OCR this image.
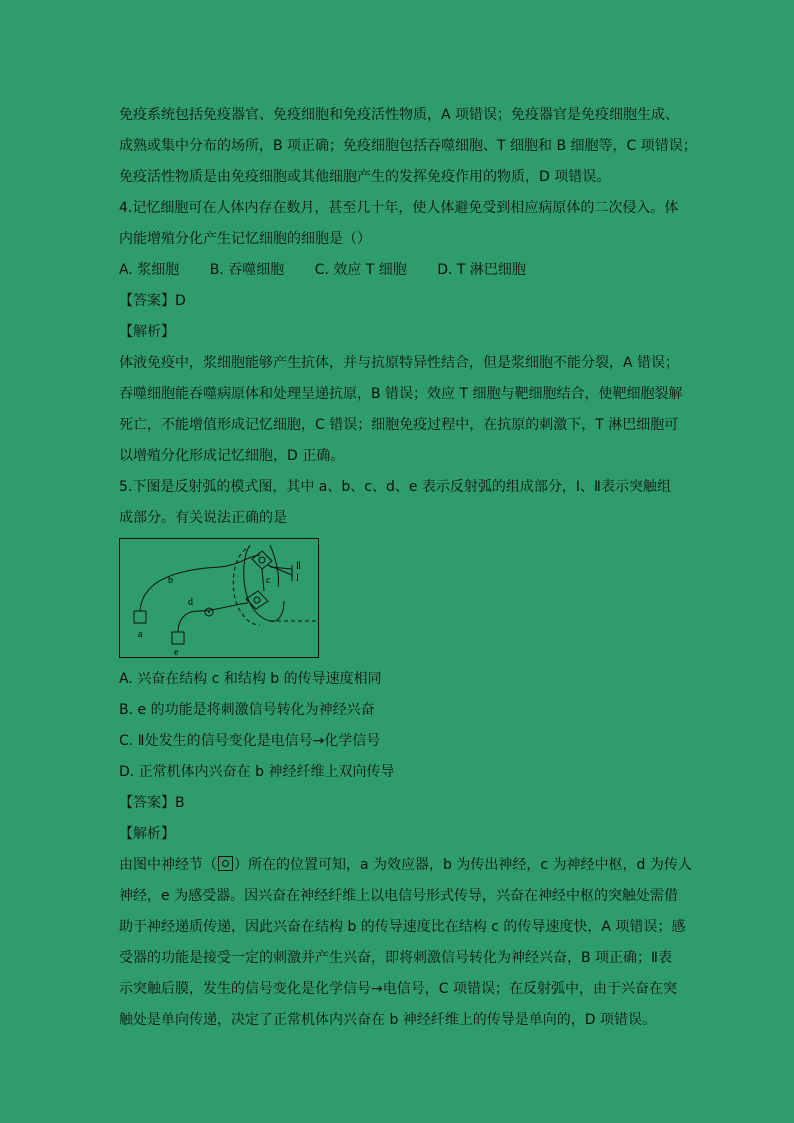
免疫系统包括免疫器官、免疫细胞和免疫活性物质，A 项错误；免疫器官是免疫细胞生成、
成熟或集中分布的场所，B 项正确；免疫细胞包括吞噬细胞、T 细胞和 B 细胞等，C 项错误；
免疫活性物质是由免疫细胞或其他细胞产生的发挥免疫作用的物质，D 项错误。
4.记忆细胞可在人体内存在数月，甚至几十年，使人体避免受到相应病原体的二次侵入。体
内能增殖分化产生记忆细胞的细胞是（）
A. 浆细胞 B. 吞噬细胞 C. 效应 T 细胞 D. T 淋巴细胞
【答案】D
【解析】
体液免疫中，浆细胞能够产生抗体，并与抗原特异性结合，但是浆细胞不能分裂，A 错误；
吞噬细胞能吞噬病原体和处理呈递抗原，B 错误；效应 T 细胞与靶细胞结合，使靶细胞裂解
死亡，不能增值形成记忆细胞，C 错误；细胞免疫过程中，在抗原的刺激下，T 淋巴细胞可
以增殖分化形成记忆细胞，D 正确。
5.下图是反射弧的模式图，其中 a、b、c、d、e 表示反射弧的组成部分，Ⅰ、Ⅱ表示突触组
成部分。有关说法正确的是
a
b	c
d
e
Ⅱ
Ⅰ
A. 兴奋在结构 c 和结构 b 的传导速度相同
B. e 的功能是将刺激信号转化为神经兴奋
C. Ⅱ处发生的信号变化是电信号→化学信号
D. 正常机体内兴奋在 b 神经纤维上双向传导
【答案】B
【解析】
由图中神经节（ ）所在的位置可知，a 为效应器，b 为传出神经，c 为神经中枢，d 为传人
神经，e 为感受器。因兴奋在神经纤维上以电信号形式传导，兴奋在神经中枢的突触处需借
助于神经递质传递，因此兴奋在结构 b 的传导速度比在结构 c 的传导速度快，A 项错误；感
受器的功能是接受一定的刺激并产生兴奋，即将刺激信号转化为神经兴奋，B 项正确；Ⅱ表
示突触后膜，发生的信号变化是化学信号→电信号，C 项错误；在反射弧中，由于兴奋在突
触处是单向传递，决定了正常机体内兴奋在 b 神经纤维上的传导是单向的，D 项错误。
